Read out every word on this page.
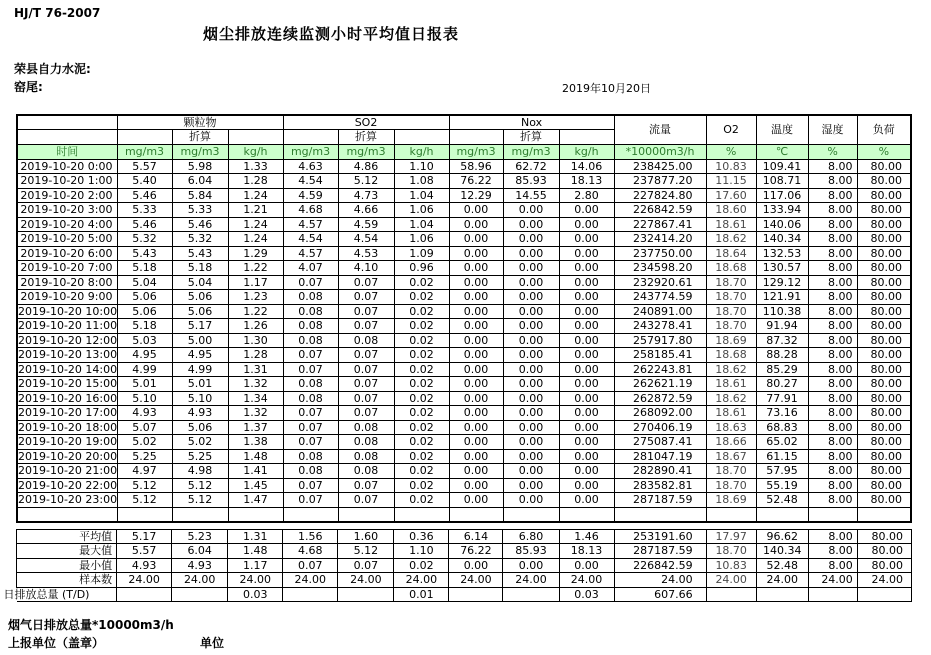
HJ/T 76-2007
烟尘排放连续监测小时平均值日报表
荣县自力水泥:
窑尾:	2019年10月20日
	颗粒物			SO2			Nox			流量	O2	温度	湿度	负荷
		折算			折算			折算						
时间	mg/m3	mg/m3	kg/h	mg/m3	mg/m3	kg/h	mg/m3	mg/m3	kg/h	*10000m3/h	%	℃	%	%
2019-10-20 0:00	5.57	5.98	1.33	4.63	4.86	1.10	58.96	62.72	14.06	238425.00	10.83	109.41	8.00	80.00
2019-10-20 1:00	5.40	6.04	1.28	4.54	5.12	1.08	76.22	85.93	18.13	237877.20	11.15	108.71	8.00	80.00
2019-10-20 2:00	5.46	5.84	1.24	4.59	4.73	1.04	12.29	14.55	2.80	227824.80	17.60	117.06	8.00	80.00
2019-10-20 3:00	5.33	5.33	1.21	4.68	4.66	1.06	0.00	0.00	0.00	226842.59	18.60	133.94	8.00	80.00
2019-10-20 4:00	5.46	5.46	1.24	4.57	4.59	1.04	0.00	0.00	0.00	227867.41	18.61	140.06	8.00	80.00
2019-10-20 5:00	5.32	5.32	1.24	4.54	4.54	1.06	0.00	0.00	0.00	232414.20	18.62	140.34	8.00	80.00
2019-10-20 6:00	5.43	5.43	1.29	4.57	4.53	1.09	0.00	0.00	0.00	237750.00	18.64	132.53	8.00	80.00
2019-10-20 7:00	5.18	5.18	1.22	4.07	4.10	0.96	0.00	0.00	0.00	234598.20	18.68	130.57	8.00	80.00
2019-10-20 8:00	5.04	5.04	1.17	0.07	0.07	0.02	0.00	0.00	0.00	232920.61	18.70	129.12	8.00	80.00
2019-10-20 9:00	5.06	5.06	1.23	0.08	0.07	0.02	0.00	0.00	0.00	243774.59	18.70	121.91	8.00	80.00
2019-10-20 10:00	5.06	5.06	1.22	0.08	0.07	0.02	0.00	0.00	0.00	240891.00	18.70	110.38	8.00	80.00
2019-10-20 11:00	5.18	5.17	1.26	0.08	0.07	0.02	0.00	0.00	0.00	243278.41	18.70	91.94	8.00	80.00
2019-10-20 12:00	5.03	5.00	1.30	0.08	0.08	0.02	0.00	0.00	0.00	257917.80	18.69	87.32	8.00	80.00
2019-10-20 13:00	4.95	4.95	1.28	0.07	0.07	0.02	0.00	0.00	0.00	258185.41	18.68	88.28	8.00	80.00
2019-10-20 14:00	4.99	4.99	1.31	0.07	0.07	0.02	0.00	0.00	0.00	262243.81	18.62	85.29	8.00	80.00
2019-10-20 15:00	5.01	5.01	1.32	0.08	0.07	0.02	0.00	0.00	0.00	262621.19	18.61	80.27	8.00	80.00
2019-10-20 16:00	5.10	5.10	1.34	0.08	0.07	0.02	0.00	0.00	0.00	262872.59	18.62	77.91	8.00	80.00
2019-10-20 17:00	4.93	4.93	1.32	0.07	0.07	0.02	0.00	0.00	0.00	268092.00	18.61	73.16	8.00	80.00
2019-10-20 18:00	5.07	5.06	1.37	0.07	0.08	0.02	0.00	0.00	0.00	270406.19	18.63	68.83	8.00	80.00
2019-10-20 19:00	5.02	5.02	1.38	0.07	0.08	0.02	0.00	0.00	0.00	275087.41	18.66	65.02	8.00	80.00
2019-10-20 20:00	5.25	5.25	1.48	0.08	0.08	0.02	0.00	0.00	0.00	281047.19	18.67	61.15	8.00	80.00
2019-10-20 21:00	4.97	4.98	1.41	0.08	0.08	0.02	0.00	0.00	0.00	282890.41	18.70	57.95	8.00	80.00
2019-10-20 22:00	5.12	5.12	1.45	0.07	0.07	0.02	0.00	0.00	0.00	283582.81	18.70	55.19	8.00	80.00
2019-10-20 23:00	5.12	5.12	1.47	0.07	0.07	0.02	0.00	0.00	0.00	287187.59	18.69	52.48	8.00	80.00

平均值	5.17	5.23	1.31	1.56	1.60	0.36	6.14	6.80	1.46	253191.60	17.97	96.62	8.00	80.00
最大值	5.57	6.04	1.48	4.68	5.12	1.10	76.22	85.93	18.13	287187.59	18.70	140.34	8.00	80.00
最小值	4.93	4.93	1.17	0.07	0.07	0.02	0.00	0.00	0.00	226842.59	10.83	52.48	8.00	80.00
样本数	24.00	24.00	24.00	24.00	24.00	24.00	24.00	24.00	24.00	24.00	24.00	24.00	24.00	24.00
日排放总量 (T/D)			0.03			0.01			0.03	607.66				
烟气日排放总量*10000m3/h
上报单位（盖章）	单位
